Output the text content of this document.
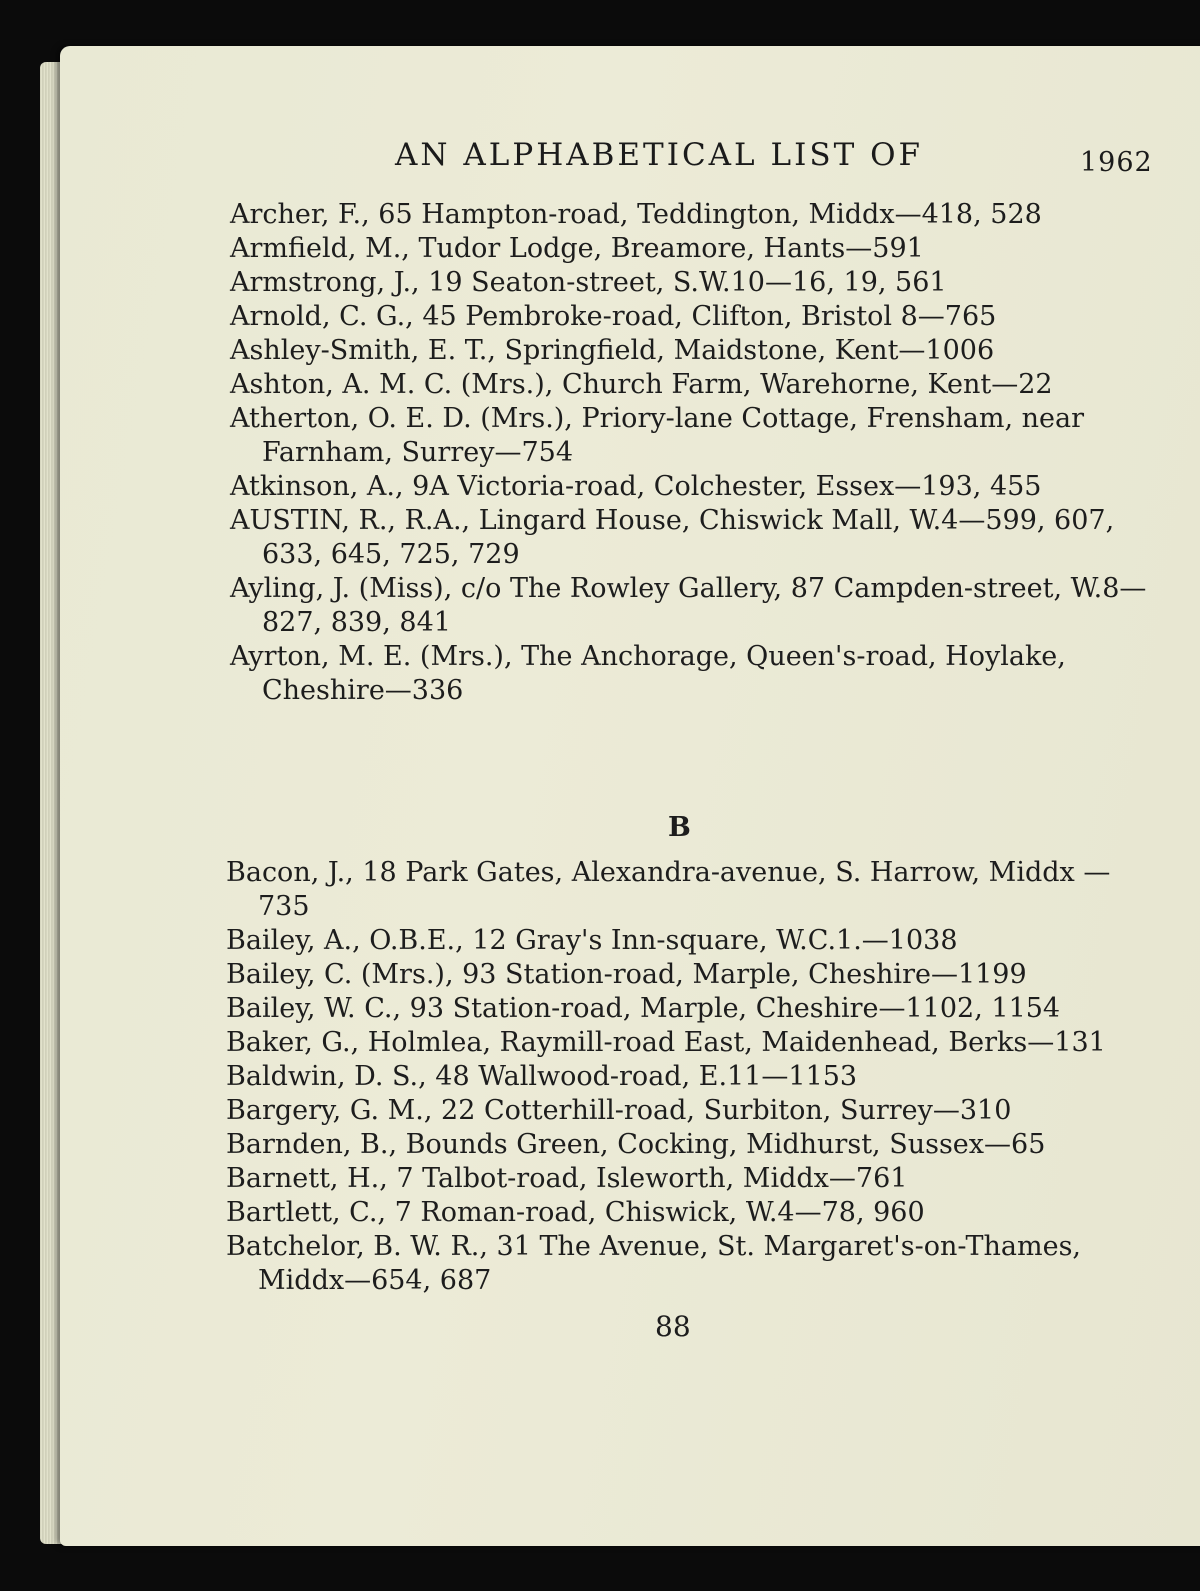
AN ALPHABETICAL LIST OF	1962

Archer, F., 65 Hampton-road, Teddington, Middx—418, 528

Armfield, M., Tudor Lodge, Breamore, Hants—591

Armstrong, J., 19 Seaton-street, S.W.10—16, 19, 561

Arnold, C. G., 45 Pembroke-road, Clifton, Bristol 8—765

Ashley-Smith, E. T., Springfield, Maidstone, Kent—1006

Ashton, A. M. C. (Mrs.), Church Farm, Warehorne, Kent—22

Atherton, O. E. D. (Mrs.), Priory-lane Cottage, Frensham, near Farnham, Surrey—754

Atkinson, A., 9A Victoria-road, Colchester, Essex—193, 455

AUSTIN, R., R.A., Lingard House, Chiswick Mall, W.4—599, 607, 633, 645, 725, 729

Ayling, J. (Miss), c/o The Rowley Gallery, 87 Campden-street, W.8—827, 839, 841

Ayrton, M. E. (Mrs.), The Anchorage, Queen's-road, Hoylake, Cheshire—336

B

Bacon, J., 18 Park Gates, Alexandra-avenue, S. Harrow, Middx —735

Bailey, A., O.B.E., 12 Gray's Inn-square, W.C.1.—1038

Bailey, C. (Mrs.), 93 Station-road, Marple, Cheshire—1199

Bailey, W. C., 93 Station-road, Marple, Cheshire—1102, 1154

Baker, G., Holmlea, Raymill-road East, Maidenhead, Berks—131

Baldwin, D. S., 48 Wallwood-road, E.11—1153

Bargery, G. M., 22 Cotterhill-road, Surbiton, Surrey—310

Barnden, B., Bounds Green, Cocking, Midhurst, Sussex—65

Barnett, H., 7 Talbot-road, Isleworth, Middx—761

Bartlett, C., 7 Roman-road, Chiswick, W.4—78, 960

Batchelor, B. W. R., 31 The Avenue, St. Margaret's-on-Thames, Middx—654, 687

88
